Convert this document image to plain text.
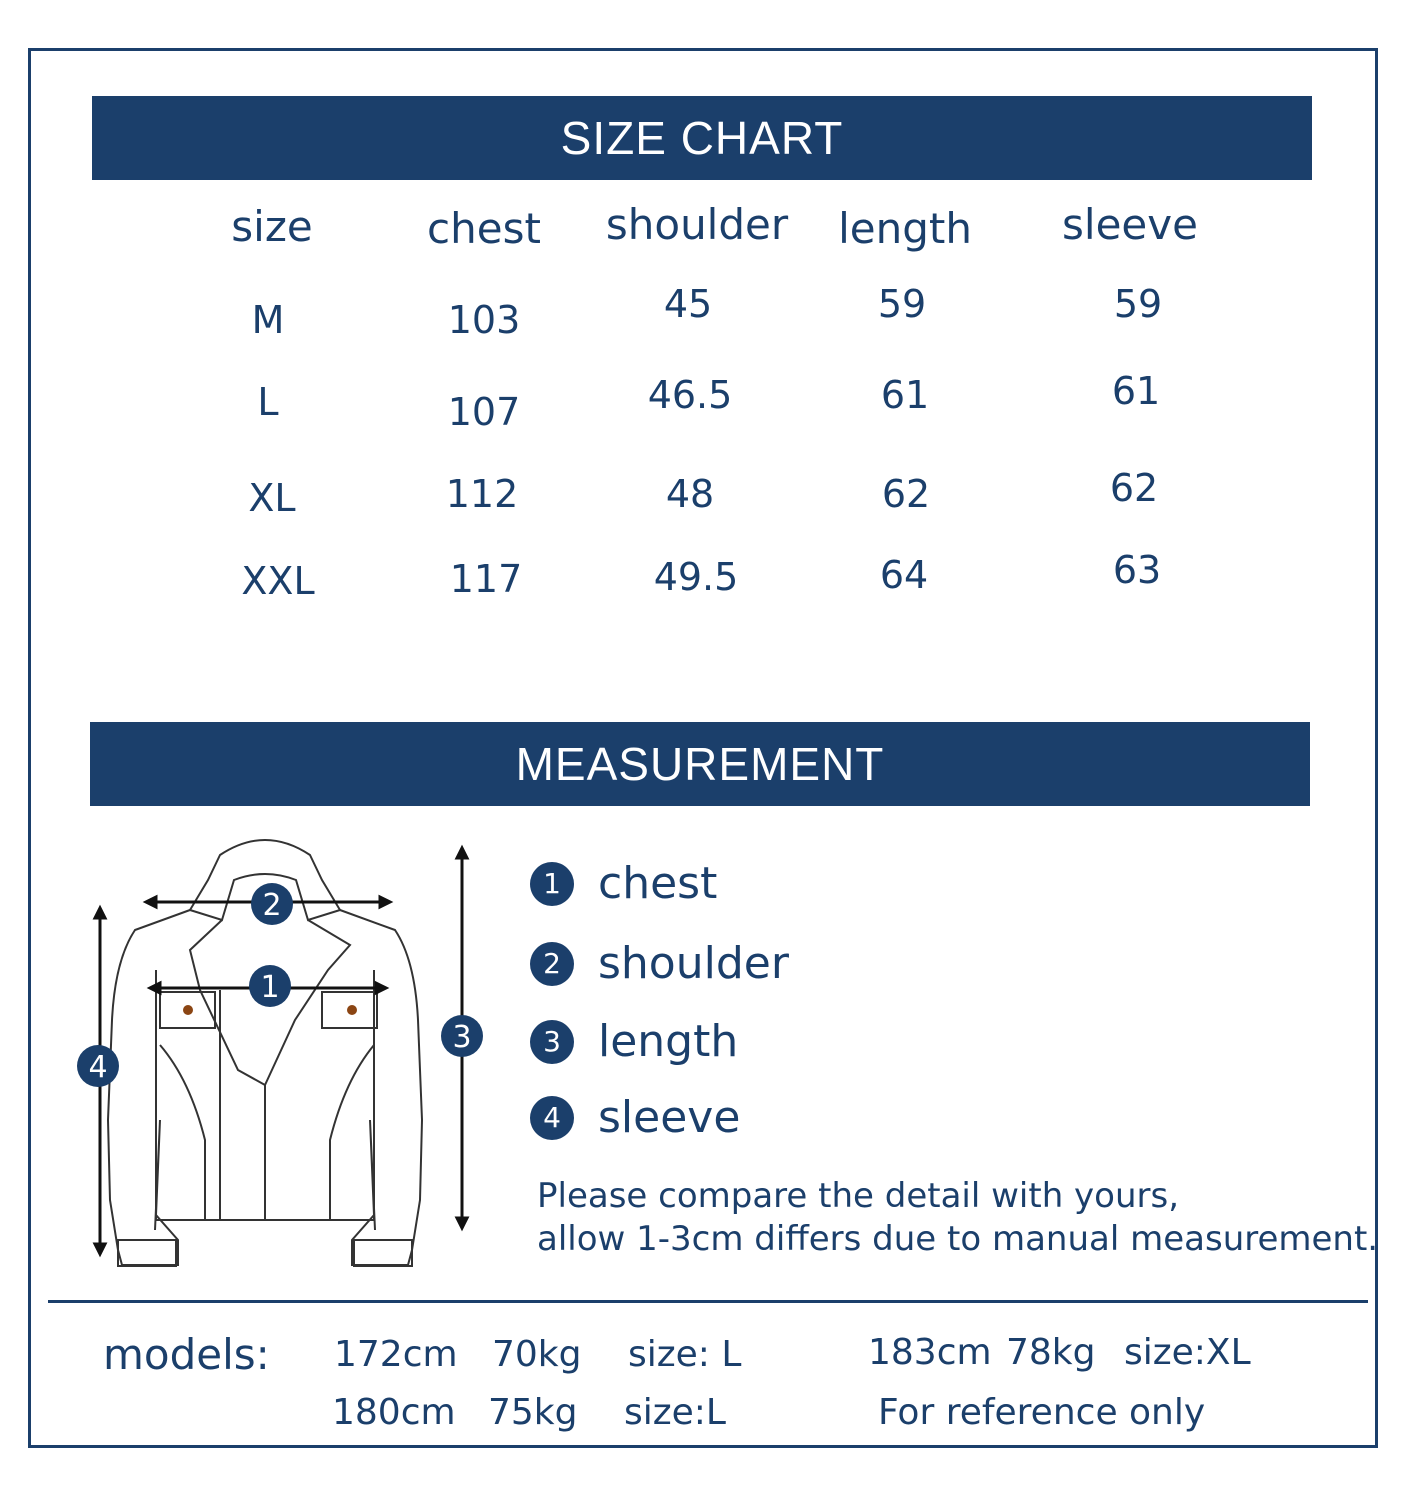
SIZE CHART
size	chest shoulder length sleeve
M	103	45	59	59
L	107	46.5	61	61
XL	112	48	62	62
XXL	117	49.5	64	63
MEASUREMENT
2
1
3
4
1 chest
2 shoulder
3 length
4 sleeve
Please compare the detail with yours,
allow 1-3cm differs due to manual measurement.
models: 172cm 70kg size: L	183cm 78kg size:XL
180cm 75kg size:L	For reference only
